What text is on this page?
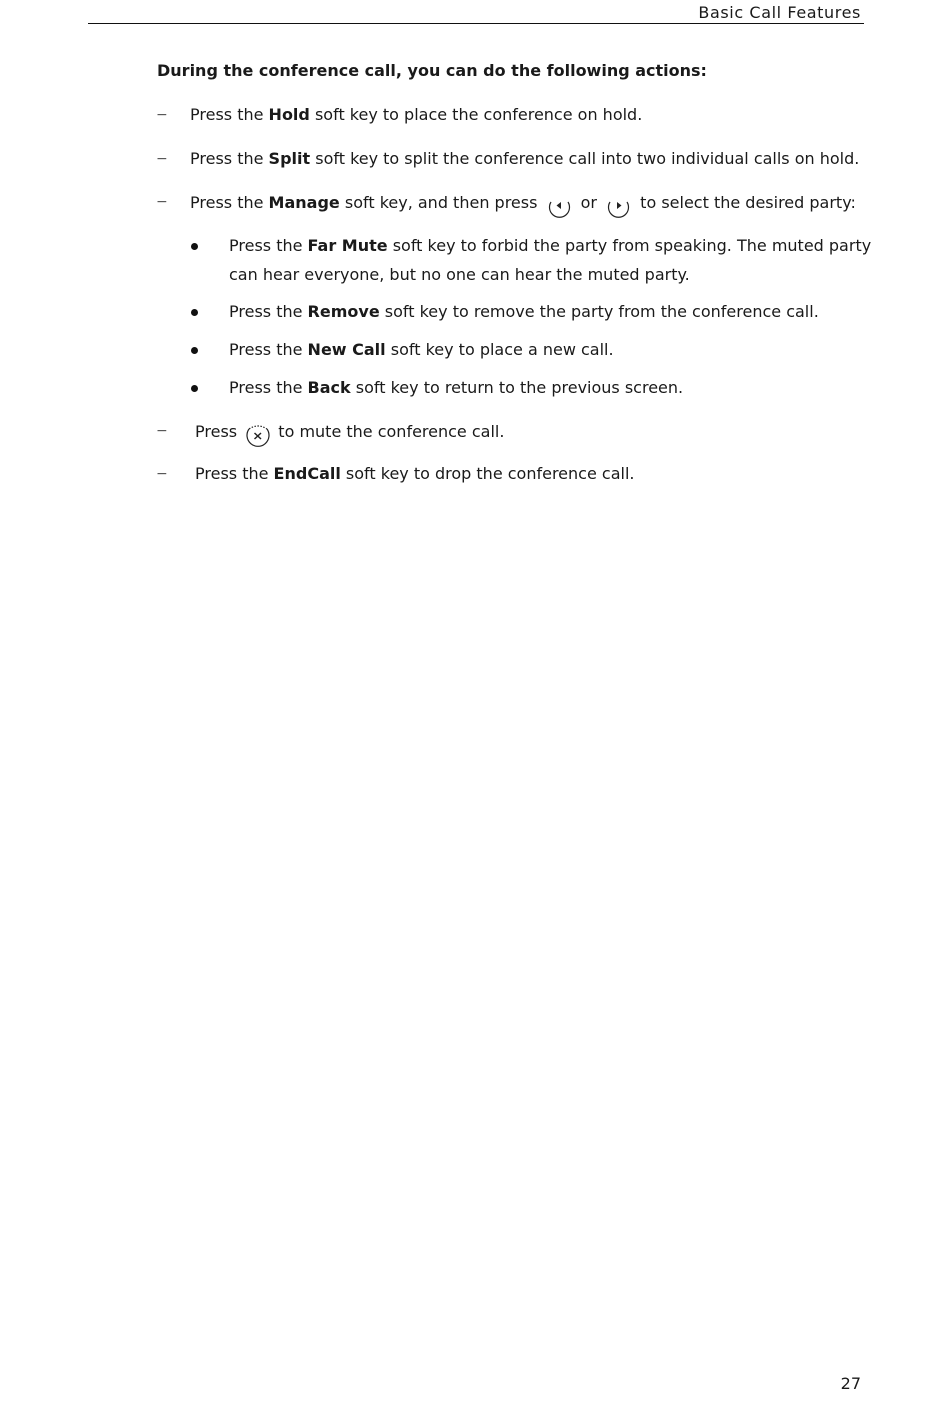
Basic Call Features
During the conference call, you can do the following actions:
− Press the Hold soft key to place the conference on hold.
− Press the Split soft key to split the conference call into two individual calls on hold.
− Press the Manage soft key, and then press
or
to select the desired party:
Press the Far Mute soft key to forbid the party from speaking. The muted party
can hear everyone, but no one can hear the muted party.
Press the Remove soft key to remove the party from the conference call.
Press the New Call soft key to place a new call.
Press the Back soft key to return to the previous screen.
− Press
to mute the conference call.
− Press the EndCall soft key to drop the conference call.
27
